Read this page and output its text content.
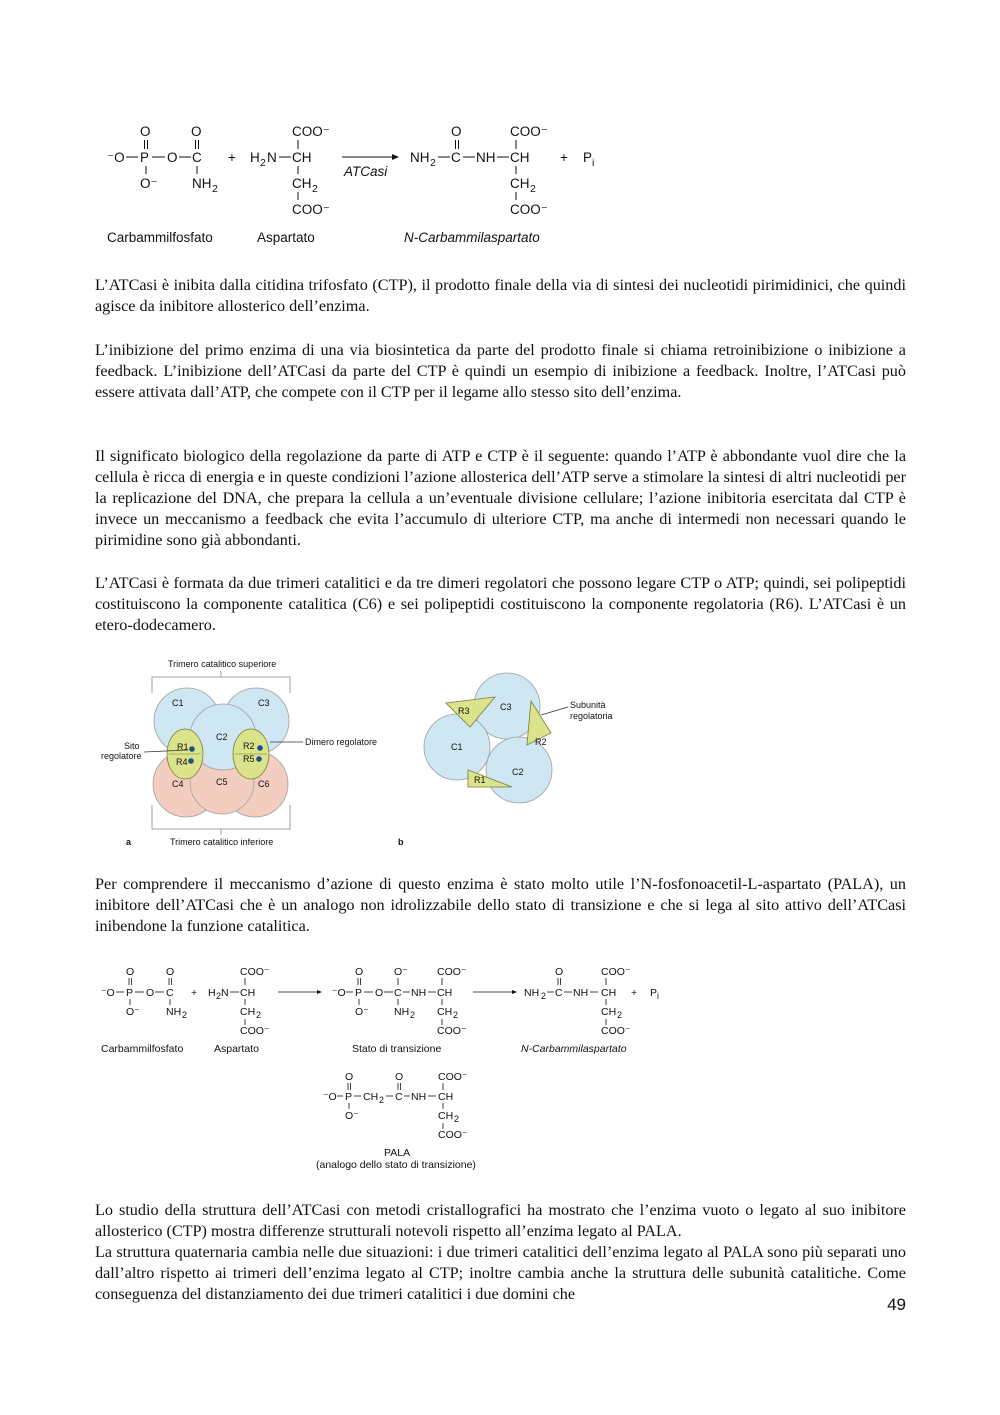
O	O
⁻O P O C
O⁻	NH 2
+ H 2 N CH
COO⁻
CH 2
COO⁻
ATCasi
NH 2 C
O
NH CH
COO⁻
CH 2
COO⁻
+ P i
Carbammilfosfato	Aspartato	N-Carbammilaspartato

L’ATCasi è inibita dalla citidina trifosfato (CTP), il prodotto finale della via di sintesi dei nucleotidi pirimidinici, che quindi agisce da inibitore allosterico dell’enzima.

L’inibizione del primo enzima di una via biosintetica da parte del prodotto finale si chiama retroinibizione o inibizione a feedback. L’inibizione dell’ATCasi da parte del CTP è quindi un esempio di inibizione a feedback. Inoltre, l’ATCasi può essere attivata dall’ATP, che compete con il CTP per il legame allo stesso sito dell’enzima.

Il significato biologico della regolazione da parte di ATP e CTP è il seguente: quando l’ATP è abbondante vuol dire che la cellula è ricca di energia e in queste condizioni l’azione allosterica dell’ATP serve a stimolare la sintesi di altri nucleotidi per la replicazione del DNA, che prepara la cellula a un’eventuale divisione cellulare; l’azione inibitoria esercitata dal CTP è invece un meccanismo a feedback che evita l’accumulo di ulteriore CTP, ma anche di intermedi non necessari quando le pirimidine sono già abbondanti.

L’ATCasi è formata da due trimeri catalitici e da tre dimeri regolatori che possono legare CTP o ATP; quindi, sei polipeptidi costituiscono la componente catalitica (C6) e sei polipeptidi costituiscono la componente regolatoria (R6). L’ATCasi è un etero-dodecamero.

Trimero catalitico superiore
C1
C2
C3
C4	C5	C6
R1	R2
R4	R5
Sito
regolatore
Dimero regolatore
Trimero catalitico inferiore
a
C3
C1
C2
R3
R2
R1
Subunità
regolatoria
b

Per comprendere il meccanismo d’azione di questo enzima è stato molto utile l’N-fosfonoacetil-L-aspartato (PALA), un inibitore dell’ATCasi che è un analogo non idrolizzabile dello stato di transizione e che si lega al sito attivo dell’ATCasi inibendone la funzione catalitica.

O	O
⁻O P O C
O⁻	NH 2
+ H 2 N CH
COO⁻
CH 2
COO⁻
O	O⁻
⁻O P O C NH CH
COO⁻
O⁻ NH 2 CH 2
COO⁻
NH 2 C
O
NH CH
COO⁻
CH 2
COO⁻
+ P i
Carbammilfosfato	Aspartato	Stato di transizione	N-Carbammilaspartato
O	O
⁻O P CH 2 C NH CH
COO⁻
O⁻	CH 2
COO⁻
PALA
(analogo dello stato di transizione)

Lo studio della struttura dell’ATCasi con metodi cristallografici ha mostrato che l’enzima vuoto o legato al suo inibitore allosterico (CTP) mostra differenze strutturali notevoli rispetto all’enzima legato al PALA.

La struttura quaternaria cambia nelle due situazioni: i due trimeri catalitici dell’enzima legato al PALA sono più separati uno dall’altro rispetto ai trimeri dell’enzima legato al CTP; inoltre cambia anche la struttura delle subunità catalitiche. Come conseguenza del distanziamento dei due trimeri catalitici i due domini che

49
